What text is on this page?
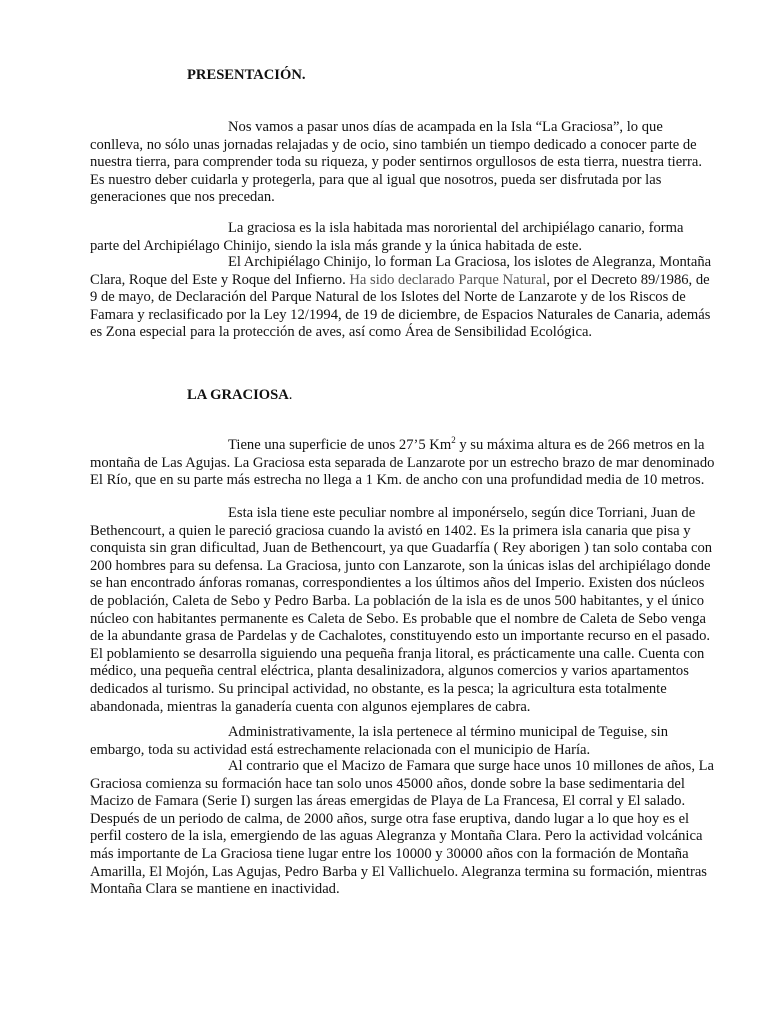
PRESENTACIÓN.

Nos vamos a pasar unos días de acampada en la Isla “La Graciosa”, lo que conlleva, no sólo unas jornadas relajadas y de ocio, sino también un tiempo dedicado a conocer parte de nuestra tierra, para comprender toda su riqueza, y poder sentirnos orgullosos de esta tierra, nuestra tierra. Es nuestro deber cuidarla y protegerla, para que al igual que nosotros, pueda ser disfrutada por las generaciones que nos precedan.

La graciosa es la isla habitada mas nororiental del archipiélago canario, forma parte del Archipiélago Chinijo, siendo la isla más grande y la única habitada de este.

El Archipiélago Chinijo, lo forman La Graciosa, los islotes de Alegranza, Montaña Clara, Roque del Este y Roque del Infierno. Ha sido declarado Parque Natural, por el Decreto 89/1986, de 9 de mayo, de Declaración del Parque Natural de los Islotes del Norte de Lanzarote y de los Riscos de Famara y reclasificado por la Ley 12/1994, de 19 de diciembre, de Espacios Naturales de Canaria, además es Zona especial para la protección de aves, así como Área de Sensibilidad Ecológica.

LA GRACIOSA.

Tiene una superficie de unos 27’5 Km$^2$ y su máxima altura es de 266 metros en la montaña de Las Agujas. La Graciosa esta separada de Lanzarote por un estrecho brazo de mar denominado El Río, que en su parte más estrecha no llega a 1 Km. de ancho con una profundidad media de 10 metros.

Esta isla tiene este peculiar nombre al imponérselo, según dice Torriani, Juan de Bethencourt, a quien le pareció graciosa cuando la avistó en 1402. Es la primera isla canaria que pisa y conquista sin gran dificultad, Juan de Bethencourt, ya que Guadarfía ( Rey aborigen ) tan solo contaba con 200 hombres para su defensa. La Graciosa, junto con Lanzarote, son la únicas islas del archipiélago donde se han encontrado ánforas romanas, correspondientes a los últimos años del Imperio. Existen dos núcleos de población, Caleta de Sebo y Pedro Barba. La población de la isla es de unos 500 habitantes, y el único núcleo con habitantes permanente es Caleta de Sebo. Es probable que el nombre de Caleta de Sebo venga de la abundante grasa de Pardelas y de Cachalotes, constituyendo esto un importante recurso en el pasado. El poblamiento se desarrolla siguiendo una pequeña franja litoral, es prácticamente una calle. Cuenta con médico, una pequeña central eléctrica, planta desalinizadora, algunos comercios y varios apartamentos dedicados al turismo. Su principal actividad, no obstante, es la pesca; la agricultura esta totalmente abandonada, mientras la ganadería cuenta con algunos ejemplares de cabra.

Administrativamente, la isla pertenece al término municipal de Teguise, sin embargo, toda su actividad está estrechamente relacionada con el municipio de Haría.

Al contrario que el Macizo de Famara que surge hace unos 10 millones de años, La Graciosa comienza su formación hace tan solo unos 45000 años, donde sobre la base sedimentaria del Macizo de Famara (Serie I) surgen las áreas emergidas de Playa de La Francesa, El corral y El salado. Después de un periodo de calma, de 2000 años, surge otra fase eruptiva, dando lugar a lo que hoy es el perfil costero de la isla, emergiendo de las aguas Alegranza y Montaña Clara. Pero la actividad volcánica más importante de La Graciosa tiene lugar entre los 10000 y 30000 años con la formación de Montaña Amarilla, El Mojón, Las Agujas, Pedro Barba y El Vallichuelo. Alegranza termina su formación, mientras Montaña Clara se mantiene en inactividad.
